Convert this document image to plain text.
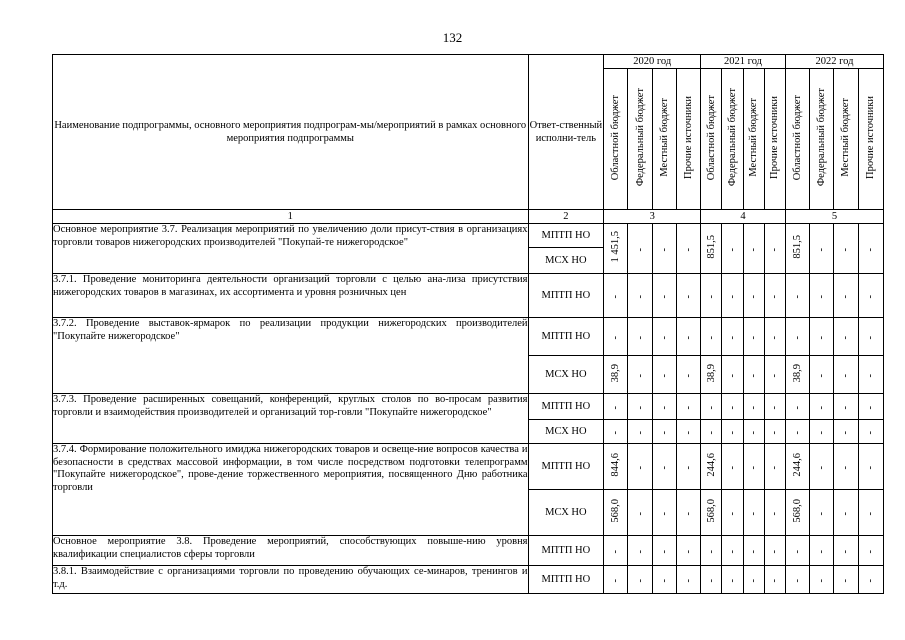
132
Наименование подпрограммы, основного мероприятия подпрограм-мы/мероприятий в рамках основного мероприятия подпрограммы	Ответ-ственный исполни-тель	2020 год				2021 год				2022 год			
		Областной бюджет	Федеральный бюджет	Местный бюджет	Прочие источники	Областной бюджет	Федеральный бюджет	Местный бюджет	Прочие источники	Областной бюджет	Федеральный бюджет	Местный бюджет	Прочие источники
1	2	3				4				5			
Основное мероприятие 3.7. Реализация мероприятий по увеличению доли присут-ствия в организациях торговли товаров нижегородских производителей "Покупай-те нижегородское"	МПТП НО	1 451,5	-	-	-	851,5	-	-	-	851,5	-	-	-
	МСХ НО												
3.7.1. Проведение мониторинга деятельности организаций торговли с целью ана-лиза присутствия нижегородских товаров в магазинах, их ассортимента и уровня розничных цен	МПТП НО	-	-	-	-	-	-	-	-	-	-	-	-
3.7.2. Проведение выставок-ярмарок по реализации продукции нижегородских производителей "Покупайте нижегородское"	МПТП НО	-	-	-	-	-	-	-	-	-	-	-	-
	МСХ НО	38,9	-	-	-	38,9	-	-	-	38,9	-	-	-
3.7.3. Проведение расширенных совещаний, конференций, круглых столов по во-просам развития торговли и взаимодействия производителей и организаций тор-говли "Покупайте нижегородское"	МПТП НО	-	-	-	-	-	-	-	-	-	-	-	-
	МСХ НО	-	-	-	-	-	-	-	-	-	-	-	-
3.7.4. Формирование положительного имиджа нижегородских товаров и освеще-ние вопросов качества и безопасности в средствах массовой информации, в том числе посредством подготовки телепрограмм "Покупайте нижегородское", прове-дение торжественного мероприятия, посвященного Дню работника торговли	МПТП НО	844,6	-	-	-	244,6	-	-	-	244,6	-	-	-
	МСХ НО	568,0	-	-	-	568,0	-	-	-	568,0	-	-	-
Основное мероприятие 3.8. Проведение мероприятий, способствующих повыше-нию уровня квалификации специалистов сферы торговли	МПТП НО	-	-	-	-	-	-	-	-	-	-	-	-
3.8.1. Взаимодействие с организациями торговли по проведению обучающих се-минаров, тренингов и т.д.	МПТП НО	-	-	-	-	-	-	-	-	-	-	-	-
